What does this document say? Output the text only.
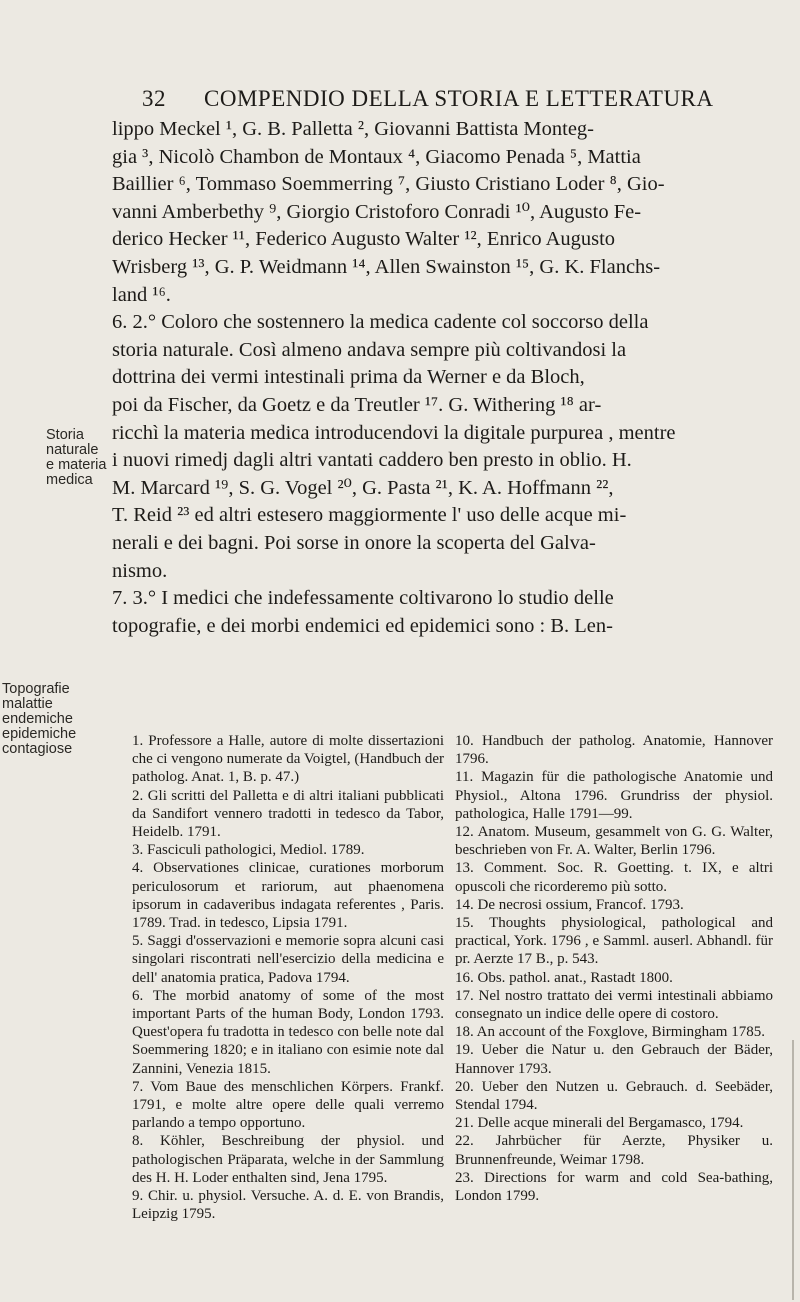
32 COMPENDIO DELLA STORIA E LETTERATURA
lippo Meckel ¹, G. B. Palletta ², Giovanni Battista Monteg-
gia ³, Nicolò Chambon de Montaux ⁴, Giacomo Penada ⁵, Mattia
Baillier ⁶, Tommaso Soemmerring ⁷, Giusto Cristiano Loder ⁸, Gio-
vanni Amberbethy ⁹, Giorgio Cristoforo Conradi ¹⁰, Augusto Fe-
derico Hecker ¹¹, Federico Augusto Walter ¹², Enrico Augusto
Wrisberg ¹³, G. P. Weidmann ¹⁴, Allen Swainston ¹⁵, G. K. Flanchs-
land ¹⁶.
6. 2.° Coloro che sostennero la medica cadente col soccorso della
storia naturale. Così almeno andava sempre più coltivandosi la
dottrina dei vermi intestinali prima da Werner e da Bloch,
poi da Fischer, da Goetz e da Treutler ¹⁷. G. Withering ¹⁸ ar-
ricchì la materia medica introducendovi la digitale purpurea , mentre
i nuovi rimedj dagli altri vantati caddero ben presto in oblio. H.
M. Marcard ¹⁹, S. G. Vogel ²⁰, G. Pasta ²¹, K. A. Hoffmann ²²,
T. Reid ²³ ed altri estesero maggiormente l' uso delle acque mi-
nerali e dei bagni. Poi sorse in onore la scoperta del Galva-
nismo.
7. 3.° I medici che indefessamente coltivarono lo studio delle
topografie, e dei morbi endemici ed epidemici sono : B. Len-
Storia
naturale
e materia
medica
Topografie
malattie
endemiche
epidemiche
contagiose	1. Professore a Halle, autore di molte dissertazioni che ci vengono numerate da Voigtel, (Handbuch der patholog. Anat. 1, B. p. 47.)

2. Gli scritti del Palletta e di altri italiani pubblicati da Sandifort vennero tradotti in tedesco da Tabor, Heidelb. 1791.

3. Fasciculi pathologici, Mediol. 1789.

4. Observationes clinicae, curationes morborum periculosorum et rariorum, aut phaenomena ipsorum in cadaveribus indagata referentes , Paris. 1789. Trad. in tedesco, Lipsia 1791.

5. Saggi d'osservazioni e memorie sopra alcuni casi singolari riscontrati nell'esercizio della medicina e dell' anatomia pratica, Padova 1794.

6. The morbid anatomy of some of the most important Parts of the human Body, London 1793. Quest'opera fu tradotta in tedesco con belle note dal Soemmering 1820; e in italiano con esimie note dal Zannini, Venezia 1815.

7. Vom Baue des menschlichen Körpers. Frankf. 1791, e molte altre opere delle quali verremo parlando a tempo opportuno.

8. Köhler, Beschreibung der physiol. und pathologischen Präparata, welche in der Sammlung des H. H. Loder enthalten sind, Jena 1795.

9. Chir. u. physiol. Versuche. A. d. E. von Brandis, Leipzig 1795.

10. Handbuch der patholog. Anatomie, Hannover 1796.

11. Magazin für die pathologische Anatomie und Physiol., Altona 1796. Grundriss der physiol. pathologica, Halle 1791—99.

12. Anatom. Museum, gesammelt von G. G. Walter, beschrieben von Fr. A. Walter, Berlin 1796.

13. Comment. Soc. R. Goetting. t. IX, e altri opuscoli che ricorderemo più sotto.

14. De necrosi ossium, Francof. 1793.

15. Thoughts physiological, pathological and practical, York. 1796 , e Samml. auserl. Abhandl. für pr. Aerzte 17 B., p. 543.

16. Obs. pathol. anat., Rastadt 1800.

17. Nel nostro trattato dei vermi intestinali abbiamo consegnato un indice delle opere di costoro.

18. An account of the Foxglove, Birmingham 1785.

19. Ueber die Natur u. den Gebrauch der Bäder, Hannover 1793.

20. Ueber den Nutzen u. Gebrauch. d. Seebäder, Stendal 1794.

21. Delle acque minerali del Bergamasco, 1794.

22. Jahrbücher für Aerzte, Physiker u. Brunnenfreunde, Weimar 1798.

23. Directions for warm and cold Sea-bathing, London 1799.
